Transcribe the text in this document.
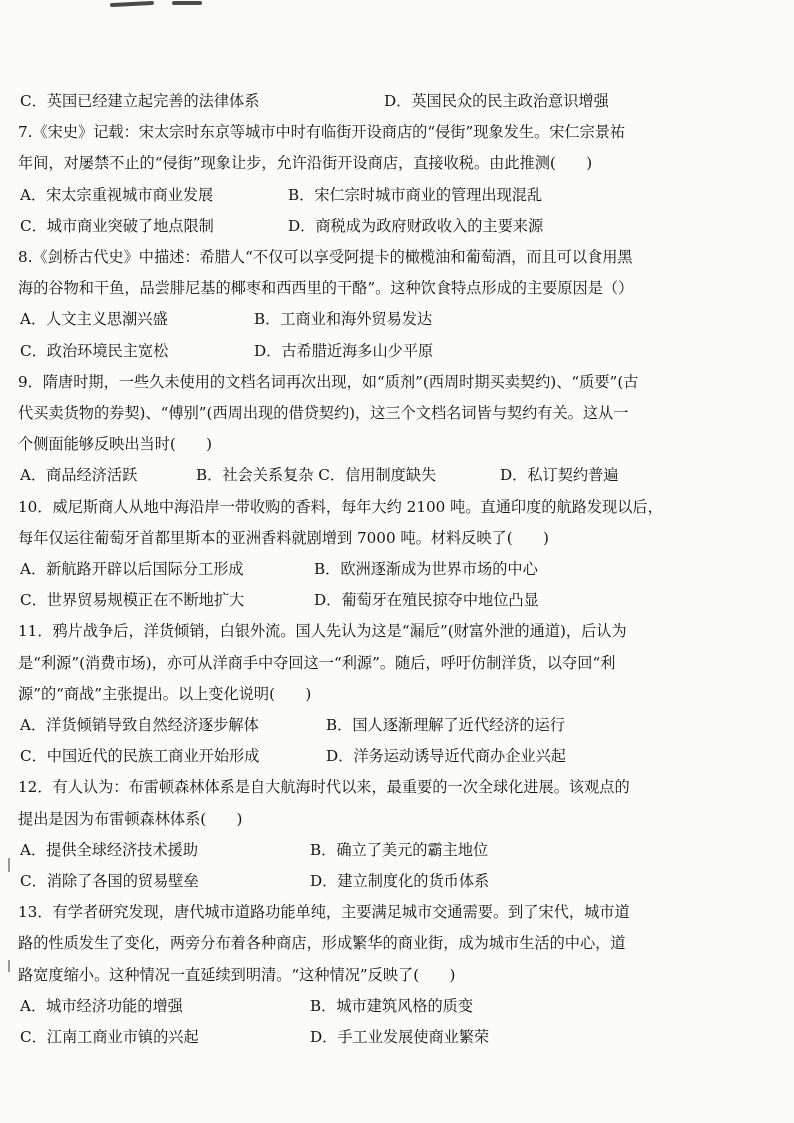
C．英国已经建立起完善的法律体系	D．英国民众的民主政治意识增强
7.《宋史》记载：宋太宗时东京等城市中时有临街开设商店的“侵街”现象发生。宋仁宗景祐
年间，对屡禁不止的“侵街”现象让步，允许沿街开设商店，直接收税。由此推测(　　)
A．宋太宗重视城市商业发展	B．宋仁宗时城市商业的管理出现混乱
C．城市商业突破了地点限制	D．商税成为政府财政收入的主要来源
8.《剑桥古代史》中描述：希腊人“不仅可以享受阿提卡的橄榄油和葡萄酒，而且可以食用黑
海的谷物和干鱼，品尝腓尼基的椰枣和西西里的干酪”。这种饮食特点形成的主要原因是（）
A．人文主义思潮兴盛	B．工商业和海外贸易发达
C．政治环境民主宽松	D．古希腊近海多山少平原
9．隋唐时期，一些久未使用的文档名词再次出现，如“质剂”(西周时期买卖契约)、“质要”(古
代买卖货物的券契)、“傅别”(西周出现的借贷契约)，这三个文档名词皆与契约有关。这从一
个侧面能够反映出当时(　　)
A．商品经济活跃	B．社会关系复杂 C．信用制度缺失	D．私订契约普遍
10．威尼斯商人从地中海沿岸一带收购的香料，每年大约 2100 吨。直通印度的航路发现以后，
每年仅运往葡萄牙首都里斯本的亚洲香料就剧增到 7000 吨。材料反映了(　　)
A．新航路开辟以后国际分工形成	B．欧洲逐渐成为世界市场的中心
C．世界贸易规模正在不断地扩大	D．葡萄牙在殖民掠夺中地位凸显
11．鸦片战争后，洋货倾销，白银外流。国人先认为这是“漏卮”(财富外泄的通道)，后认为
是“利源”(消费市场)，亦可从洋商手中夺回这一“利源”。随后，呼吁仿制洋货，以夺回“利
源”的“商战”主张提出。以上变化说明(　　)
A．洋货倾销导致自然经济逐步解体	B．国人逐渐理解了近代经济的运行
C．中国近代的民族工商业开始形成	D．洋务运动诱导近代商办企业兴起
12．有人认为：布雷顿森林体系是自大航海时代以来，最重要的一次全球化进展。该观点的
提出是因为布雷顿森林体系(　　)
A．提供全球经济技术援助	B．确立了美元的霸主地位
C．消除了各国的贸易壁垒	D．建立制度化的货币体系
13．有学者研究发现，唐代城市道路功能单纯，主要满足城市交通需要。到了宋代，城市道
路的性质发生了变化，两旁分布着各种商店，形成繁华的商业街，成为城市生活的中心，道
路宽度缩小。这种情况一直延续到明清。“这种情况”反映了(　　)
A．城市经济功能的增强	B．城市建筑风格的质变
C．江南工商业市镇的兴起	D．手工业发展使商业繁荣
